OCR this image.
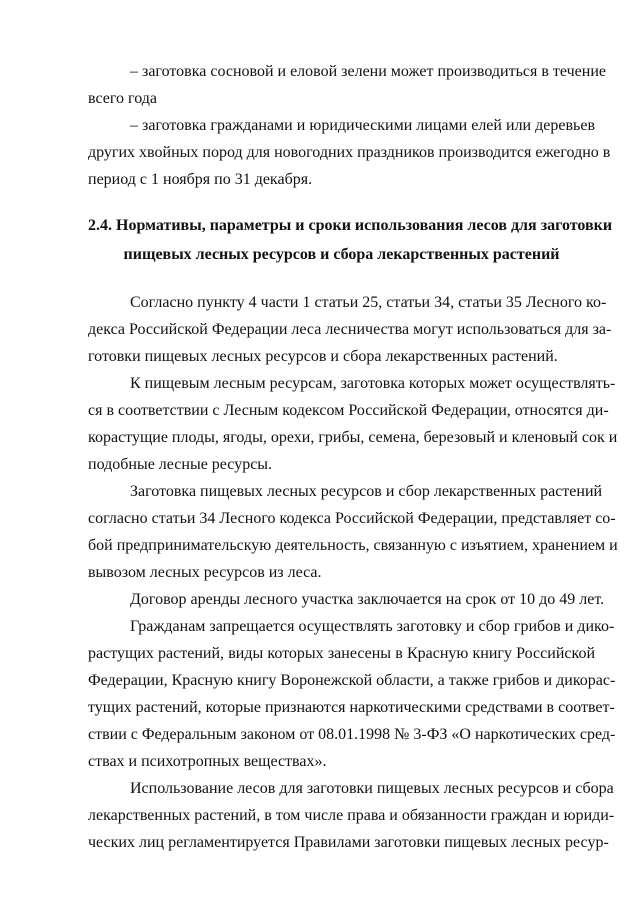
– заготовка сосновой и еловой зелени может производиться в течение
всего года
– заготовка гражданами и юридическими лицами елей или деревьев
других хвойных пород для новогодних праздников производится ежегодно в
период с 1 ноября по 31 декабря.
2.4. Нормативы, параметры и сроки использования лесов для заготовки
пищевых лесных ресурсов и сбора лекарственных растений
Согласно пункту 4 части 1 статьи 25, статьи 34, статьи 35 Лесного ко-
декса Российской Федерации леса лесничества могут использоваться для за-
готовки пищевых лесных ресурсов и сбора лекарственных растений.
К пищевым лесным ресурсам, заготовка которых может осуществлять-
ся в соответствии с Лесным кодексом Российской Федерации, относятся ди-
корастущие плоды, ягоды, орехи, грибы, семена, березовый и кленовый сок и
подобные лесные ресурсы.
Заготовка пищевых лесных ресурсов и сбор лекарственных растений
согласно статьи 34 Лесного кодекса Российской Федерации, представляет со-
бой предпринимательскую деятельность, связанную с изъятием, хранением и
вывозом лесных ресурсов из леса.
Договор аренды лесного участка заключается на срок от 10 до 49 лет.
Гражданам запрещается осуществлять заготовку и сбор грибов и дико-
растущих растений, виды которых занесены в Красную книгу Российской
Федерации, Красную книгу Воронежской области, а также грибов и дикорас-
тущих растений, которые признаются наркотическими средствами в соответ-
ствии с Федеральным законом от 08.01.1998 № 3-ФЗ «О наркотических сред-
ствах и психотропных веществах».
Использование лесов для заготовки пищевых лесных ресурсов и сбора
лекарственных растений, в том числе права и обязанности граждан и юриди-
ческих лиц регламентируется Правилами заготовки пищевых лесных ресур-
